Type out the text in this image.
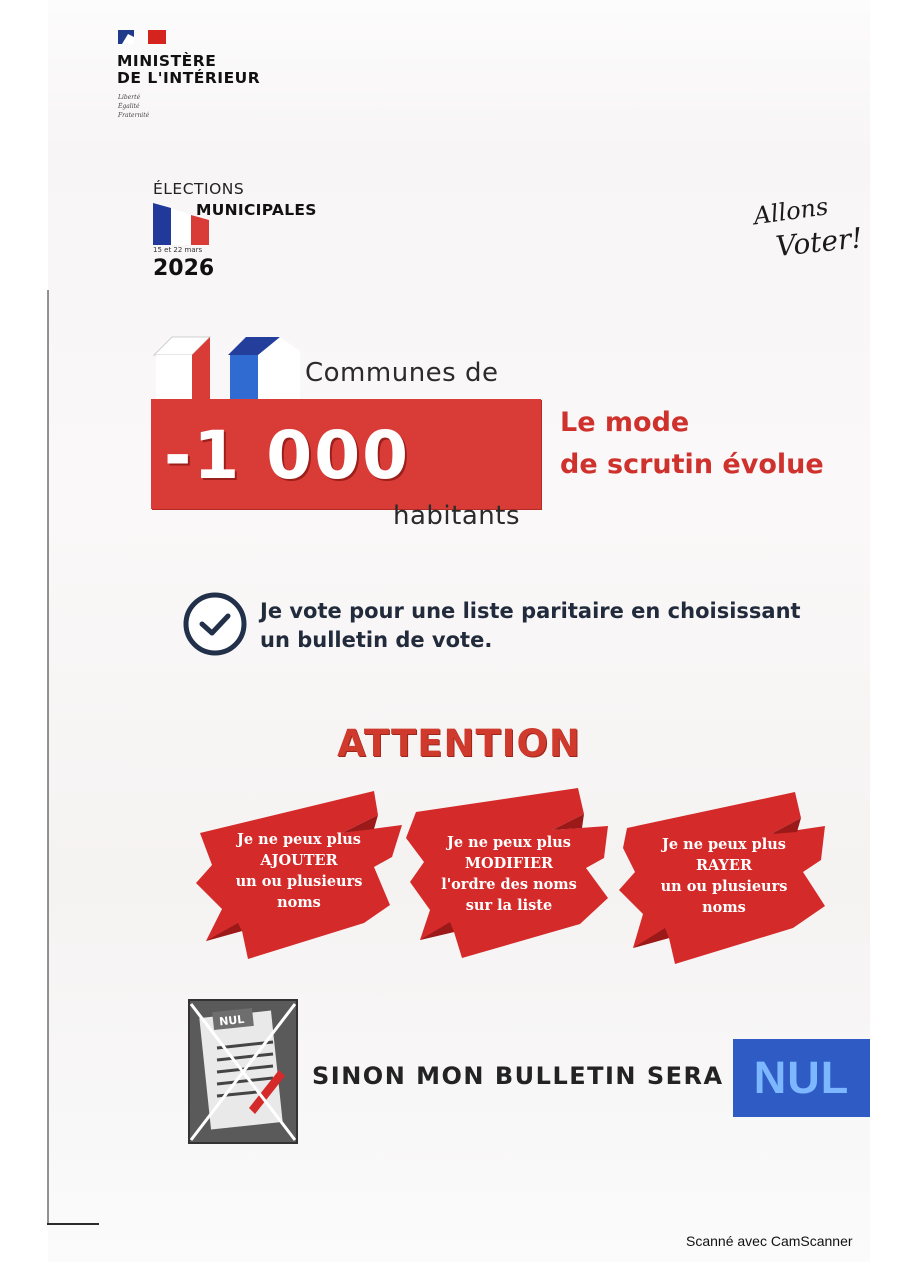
MINISTÈRE
DE L'INTÉRIEUR
Liberté
Égalité
Fraternité
ÉLECTIONS
MUNICIPALES
15 et 22 mars
2026
Allons
Voter!
Communes de
-1 000
habitants
Le mode
de scrutin évolue
Je vote pour une liste paritaire en choisissant
un bulletin de vote.
ATTENTION
Je ne peux plus
AJOUTER
un ou plusieurs
noms
Je ne peux plus
MODIFIER
l'ordre des noms
sur la liste
Je ne peux plus
RAYER
un ou plusieurs
noms
NUL
SINON MON BULLETIN SERA NUL
Scanné avec CamScanner
